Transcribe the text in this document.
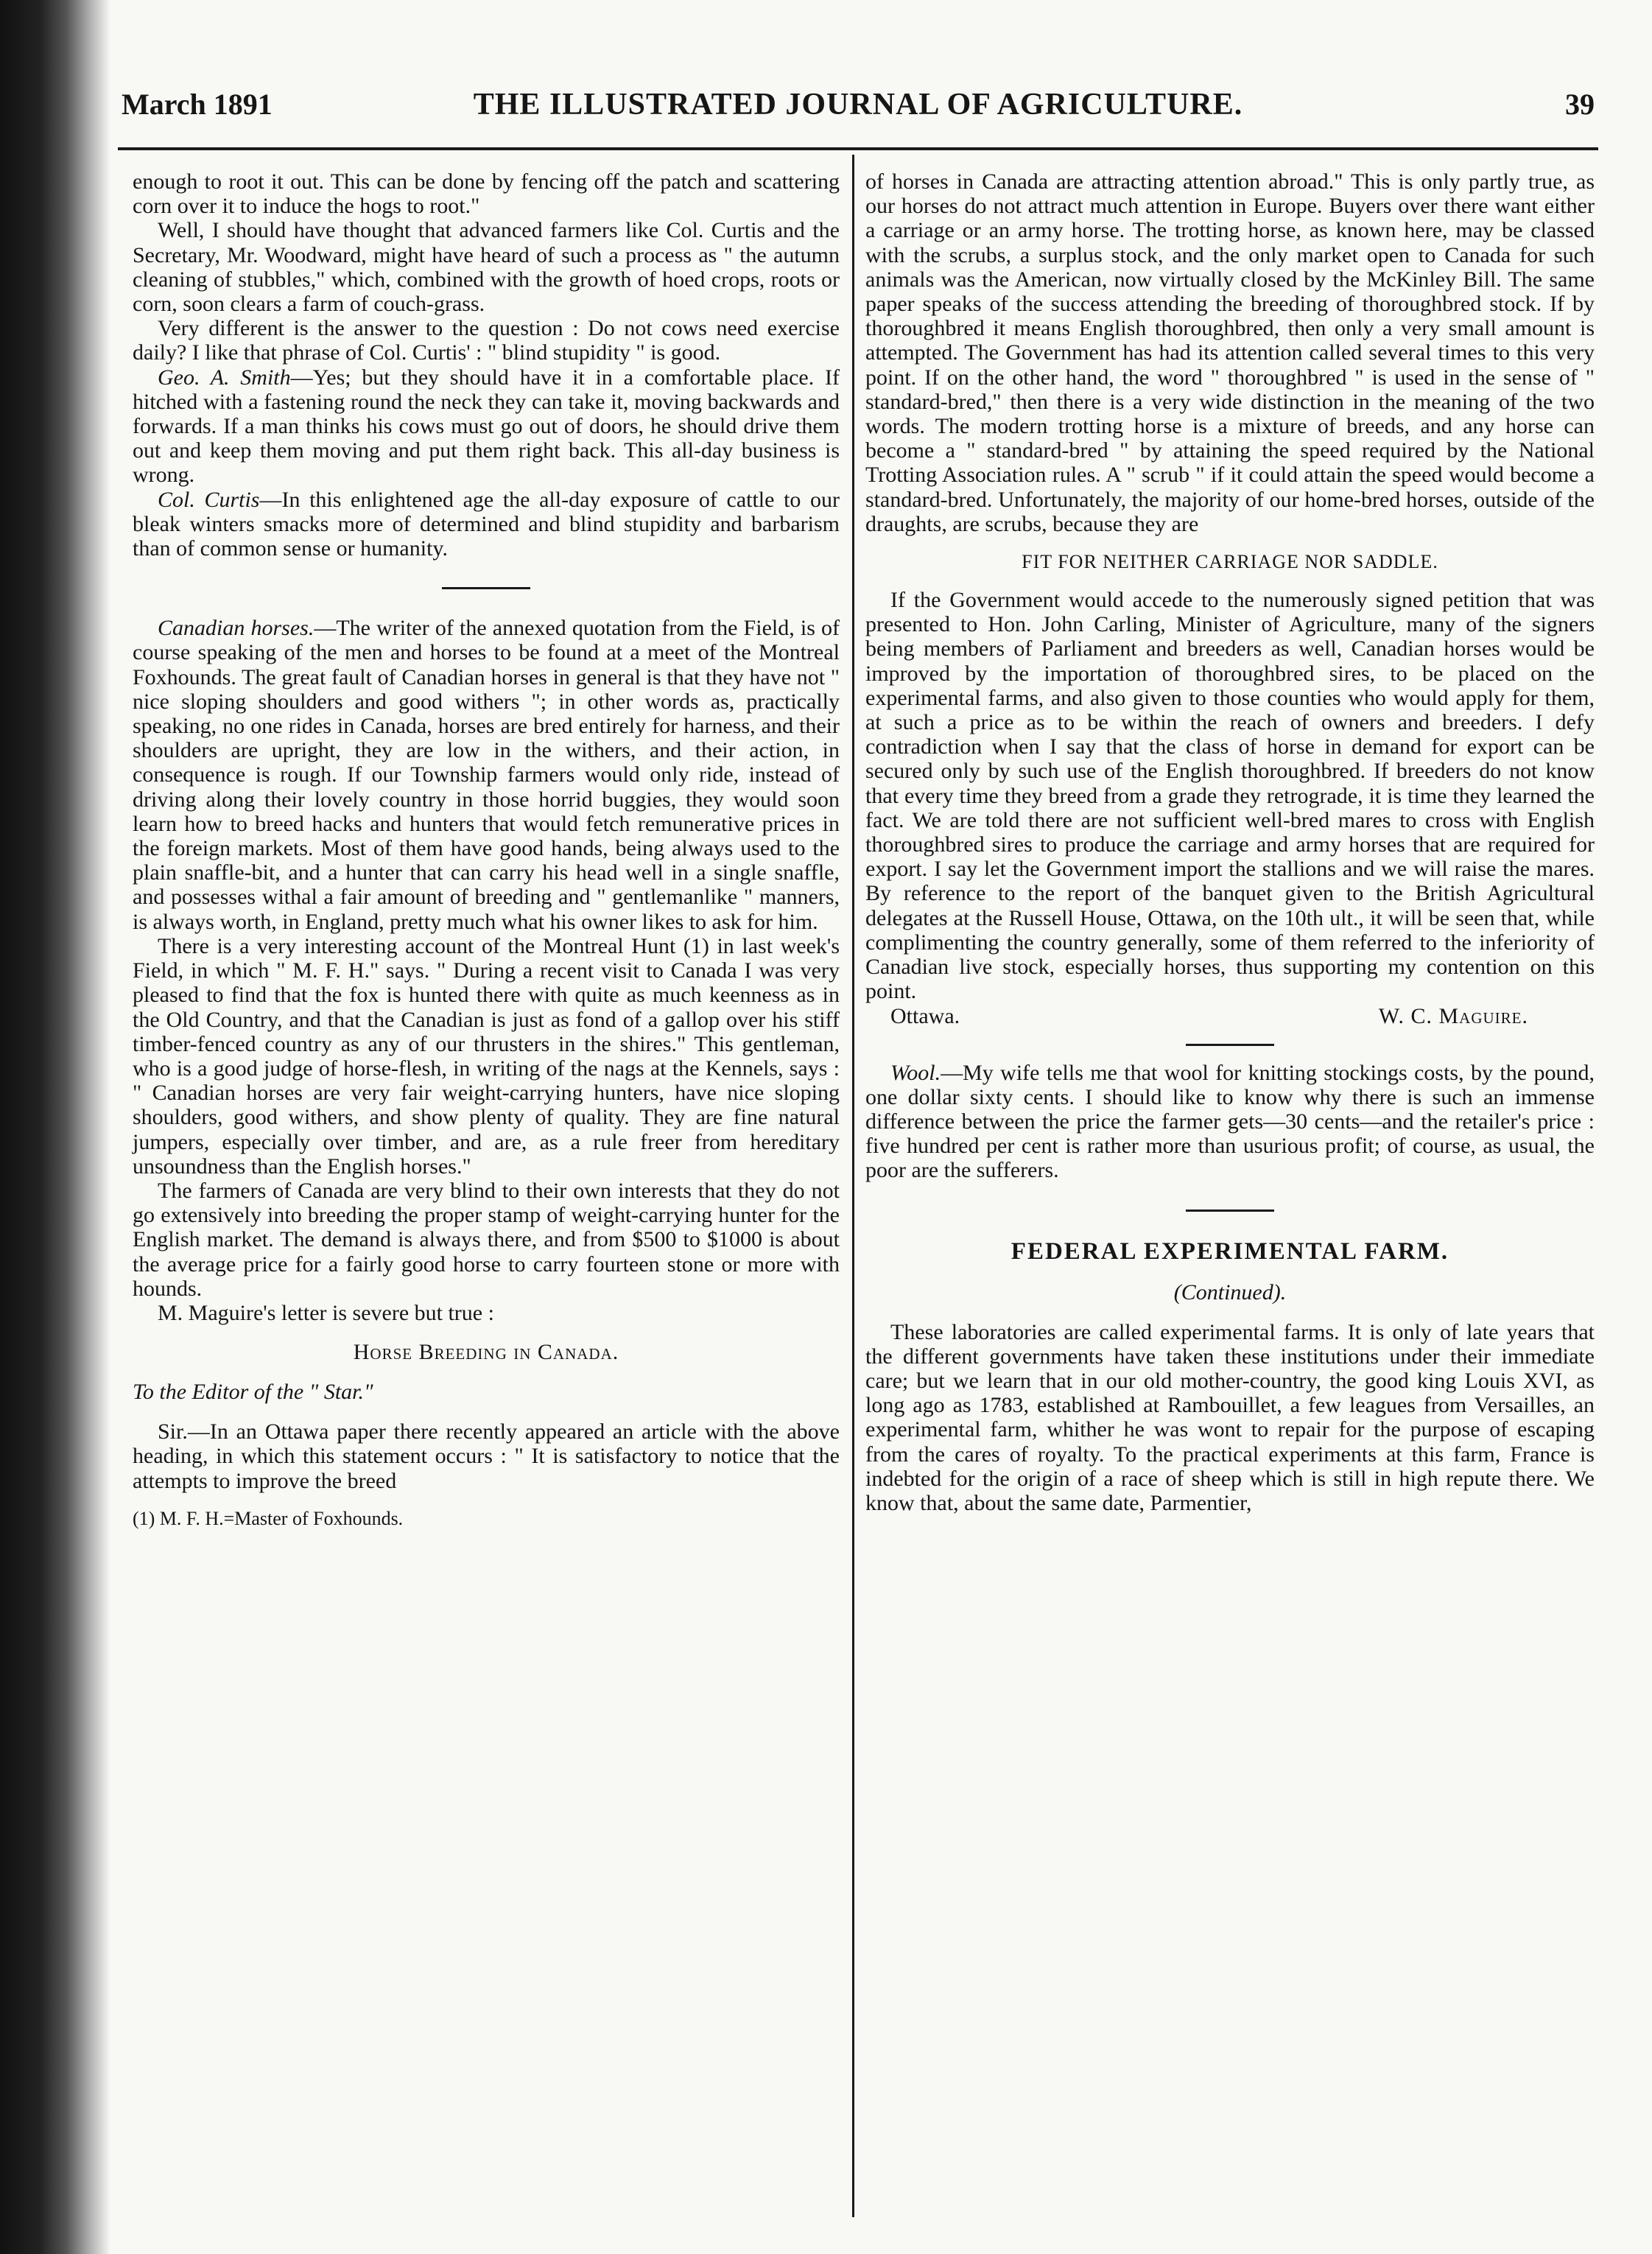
March 1891	THE ILLUSTRATED JOURNAL OF AGRICULTURE.	39

enough to root it out. This can be done by fencing off the patch and scattering corn over it to induce the hogs to root."

Well, I should have thought that advanced farmers like Col. Curtis and the Secretary, Mr. Woodward, might have heard of such a process as " the autumn cleaning of stubbles," which, combined with the growth of hoed crops, roots or corn, soon clears a farm of couch-grass.

Very different is the answer to the question : Do not cows need exercise daily? I like that phrase of Col. Curtis' : " blind stupidity " is good.

Geo. A. Smith—Yes; but they should have it in a comfortable place. If hitched with a fastening round the neck they can take it, moving backwards and forwards. If a man thinks his cows must go out of doors, he should drive them out and keep them moving and put them right back. This all-day business is wrong.

Col. Curtis—In this enlightened age the all-day exposure of cattle to our bleak winters smacks more of determined and blind stupidity and barbarism than of common sense or humanity.

Canadian horses.—The writer of the annexed quotation from the Field, is of course speaking of the men and horses to be found at a meet of the Montreal Foxhounds. The great fault of Canadian horses in general is that they have not " nice sloping shoulders and good withers "; in other words as, practically speaking, no one rides in Canada, horses are bred entirely for harness, and their shoulders are upright, they are low in the withers, and their action, in consequence is rough. If our Township farmers would only ride, instead of driving along their lovely country in those horrid buggies, they would soon learn how to breed hacks and hunters that would fetch remunerative prices in the foreign markets. Most of them have good hands, being always used to the plain snaffle-bit, and a hunter that can carry his head well in a single snaffle, and possesses withal a fair amount of breeding and " gentlemanlike " manners, is always worth, in England, pretty much what his owner likes to ask for him.

There is a very interesting account of the Montreal Hunt (1) in last week's Field, in which " M. F. H." says. " During a recent visit to Canada I was very pleased to find that the fox is hunted there with quite as much keenness as in the Old Country, and that the Canadian is just as fond of a gallop over his stiff timber-fenced country as any of our thrusters in the shires." This gentleman, who is a good judge of horse-flesh, in writing of the nags at the Kennels, says : " Canadian horses are very fair weight-carrying hunters, have nice sloping shoulders, good withers, and show plenty of quality. They are fine natural jumpers, especially over timber, and are, as a rule freer from hereditary unsoundness than the English horses."

The farmers of Canada are very blind to their own interests that they do not go extensively into breeding the proper stamp of weight-carrying hunter for the English market. The demand is always there, and from $500 to $1000 is about the average price for a fairly good horse to carry fourteen stone or more with hounds.

M. Maguire's letter is severe but true :

Horse Breeding in Canada.
To the Editor of the " Star."

Sir.—In an Ottawa paper there recently appeared an article with the above heading, in which this statement occurs : " It is satisfactory to notice that the attempts to improve the breed

(1) M. F. H.=Master of Foxhounds.

of horses in Canada are attracting attention abroad." This is only partly true, as our horses do not attract much attention in Europe. Buyers over there want either a carriage or an army horse. The trotting horse, as known here, may be classed with the scrubs, a surplus stock, and the only market open to Canada for such animals was the American, now virtually closed by the McKinley Bill. The same paper speaks of the success attending the breeding of thoroughbred stock. If by thoroughbred it means English thoroughbred, then only a very small amount is attempted. The Government has had its attention called several times to this very point. If on the other hand, the word " thoroughbred " is used in the sense of " standard-bred," then there is a very wide distinction in the meaning of the two words. The modern trotting horse is a mixture of breeds, and any horse can become a " standard-bred " by attaining the speed required by the National Trotting Association rules. A " scrub " if it could attain the speed would become a standard-bred. Unfortunately, the majority of our home-bred horses, outside of the draughts, are scrubs, because they are

FIT FOR NEITHER CARRIAGE NOR SADDLE.

If the Government would accede to the numerously signed petition that was presented to Hon. John Carling, Minister of Agriculture, many of the signers being members of Parliament and breeders as well, Canadian horses would be improved by the importation of thoroughbred sires, to be placed on the experimental farms, and also given to those counties who would apply for them, at such a price as to be within the reach of owners and breeders. I defy contradiction when I say that the class of horse in demand for export can be secured only by such use of the English thoroughbred. If breeders do not know that every time they breed from a grade they retrograde, it is time they learned the fact. We are told there are not sufficient well-bred mares to cross with English thoroughbred sires to produce the carriage and army horses that are required for export. I say let the Government import the stallions and we will raise the mares. By reference to the report of the banquet given to the British Agricultural delegates at the Russell House, Ottawa, on the 10th ult., it will be seen that, while complimenting the country generally, some of them referred to the inferiority of Canadian live stock, especially horses, thus supporting my contention on this point.

Ottawa.	W. C. Maguire.

Wool.—My wife tells me that wool for knitting stockings costs, by the pound, one dollar sixty cents. I should like to know why there is such an immense difference between the price the farmer gets—30 cents—and the retailer's price : five hundred per cent is rather more than usurious profit; of course, as usual, the poor are the sufferers.

FEDERAL EXPERIMENTAL FARM.
(Continued).

These laboratories are called experimental farms. It is only of late years that the different governments have taken these institutions under their immediate care; but we learn that in our old mother-country, the good king Louis XVI, as long ago as 1783, established at Rambouillet, a few leagues from Versailles, an experimental farm, whither he was wont to repair for the purpose of escaping from the cares of royalty. To the practical experiments at this farm, France is indebted for the origin of a race of sheep which is still in high repute there. We know that, about the same date, Parmentier,
